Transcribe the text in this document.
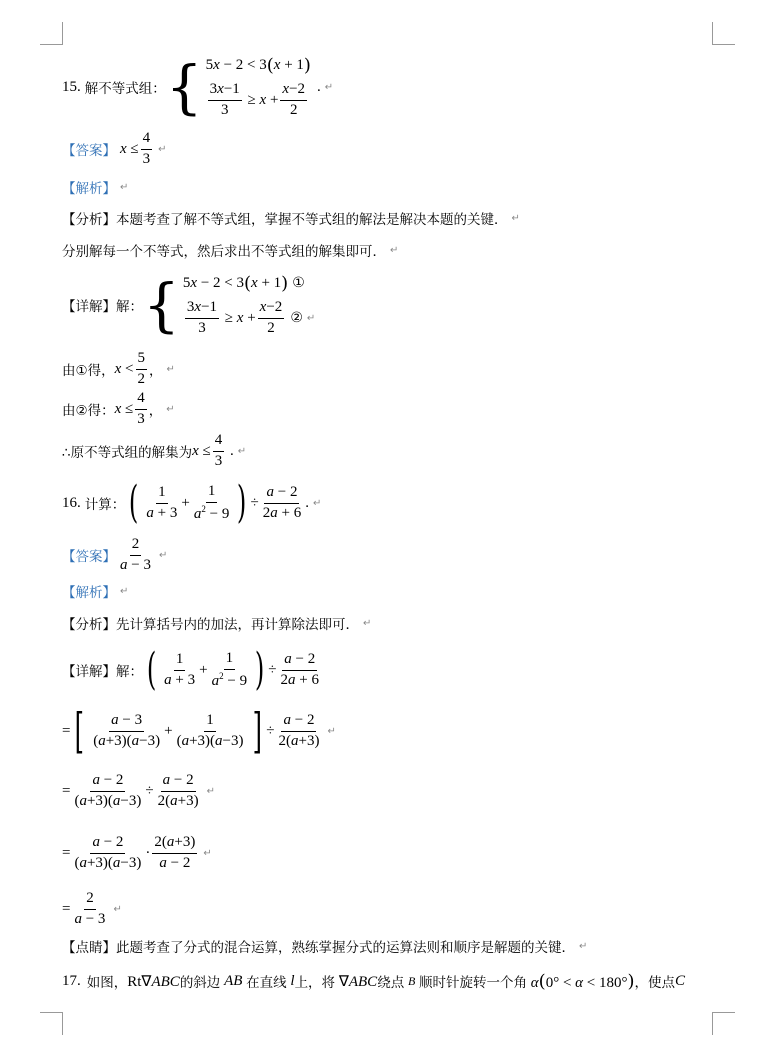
15. 解不等式组： { 5 x − 2 < 3 ( x + 1 )
$\frac{3x-1}{3} \ge x + \frac{x-2}{2}$ . ↵
【答案】 $x \le \frac{4}{3}$ ↵
【解析】 ↵
【分析】 本题考查了解不等式组，掌握不等式组的解法是解决本题的关键． ↵
分别解每一个不等式，然后求出不等式组的解集即可． ↵
【详解】 解： { 5 x − 2 < 3 ( x + 1 ) ①
$\frac{3x-1}{3} \ge x + \frac{x-2}{2}$ ② ↵
由①得， $x < \frac{5}{2}$ ， ↵
由②得： $x \le \frac{4}{3}$ ， ↵
∴原不等式组的解集为 $x \le \frac{4}{3}$ . ↵
16. 计算： ( $\frac{1}{a + 3} + \frac{1}{a^2 - 9}$ ) ÷ $\frac{a - 2}{2a + 6}$ . ↵
【答案】 $\frac{2}{a - 3}$ ↵
【解析】 ↵
【分析】 先计算括号内的加法，再计算除法即可． ↵
【详解】 解： ( $\frac{1}{a + 3} + \frac{1}{a^2 - 9}$ ) ÷ $\frac{a - 2}{2a + 6}$
= [ $\frac{a - 3}{(a+3)(a-3)} + \frac{1}{(a+3)(a-3)}$ ] ÷ $\frac{a - 2}{2(a+3)}$ ↵
= $\frac{a - 2}{(a+3)(a-3)} \div \frac{a - 2}{2(a+3)}$ ↵
= $\frac{a - 2}{(a+3)(a-3)} \cdot \frac{2(a+3)}{a - 2}$ ↵
= $\frac{2}{a - 3}$ ↵
【点睛】 此题考查了分式的混合运算，熟练掌握分式的运算法则和顺序是解题的关键． ↵
17. 如图， Rt∇ABC 的斜边 AB 在直线 l 上，将 ∇ABC 绕点 B 顺时针旋转一个角 α(0° < α < 180°) ，使点 C
